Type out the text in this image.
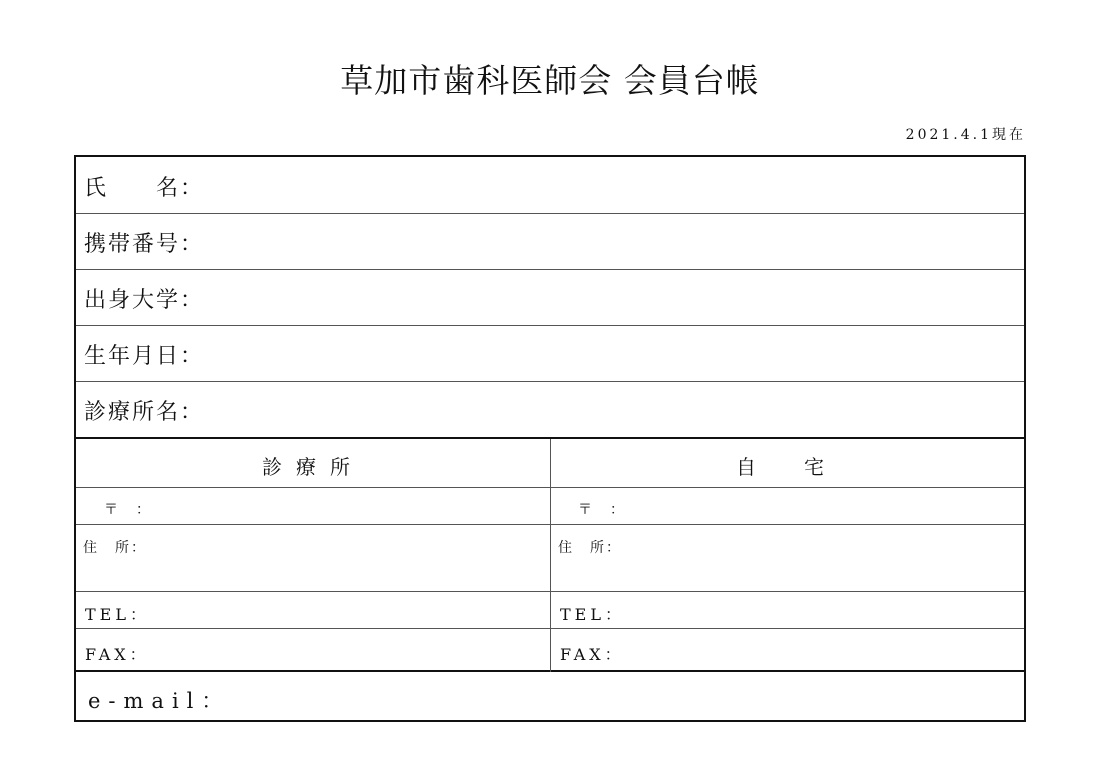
草加市歯科医師会 会員台帳
2021.4.1現在
氏　　名：
携帯番号：
出身大学：
生年月日：
診療所名：
診療所	自　宅
〒　：	〒　：
住　所：	住　所：
TEL：	TEL：
FAX：	FAX：
e-mail：
